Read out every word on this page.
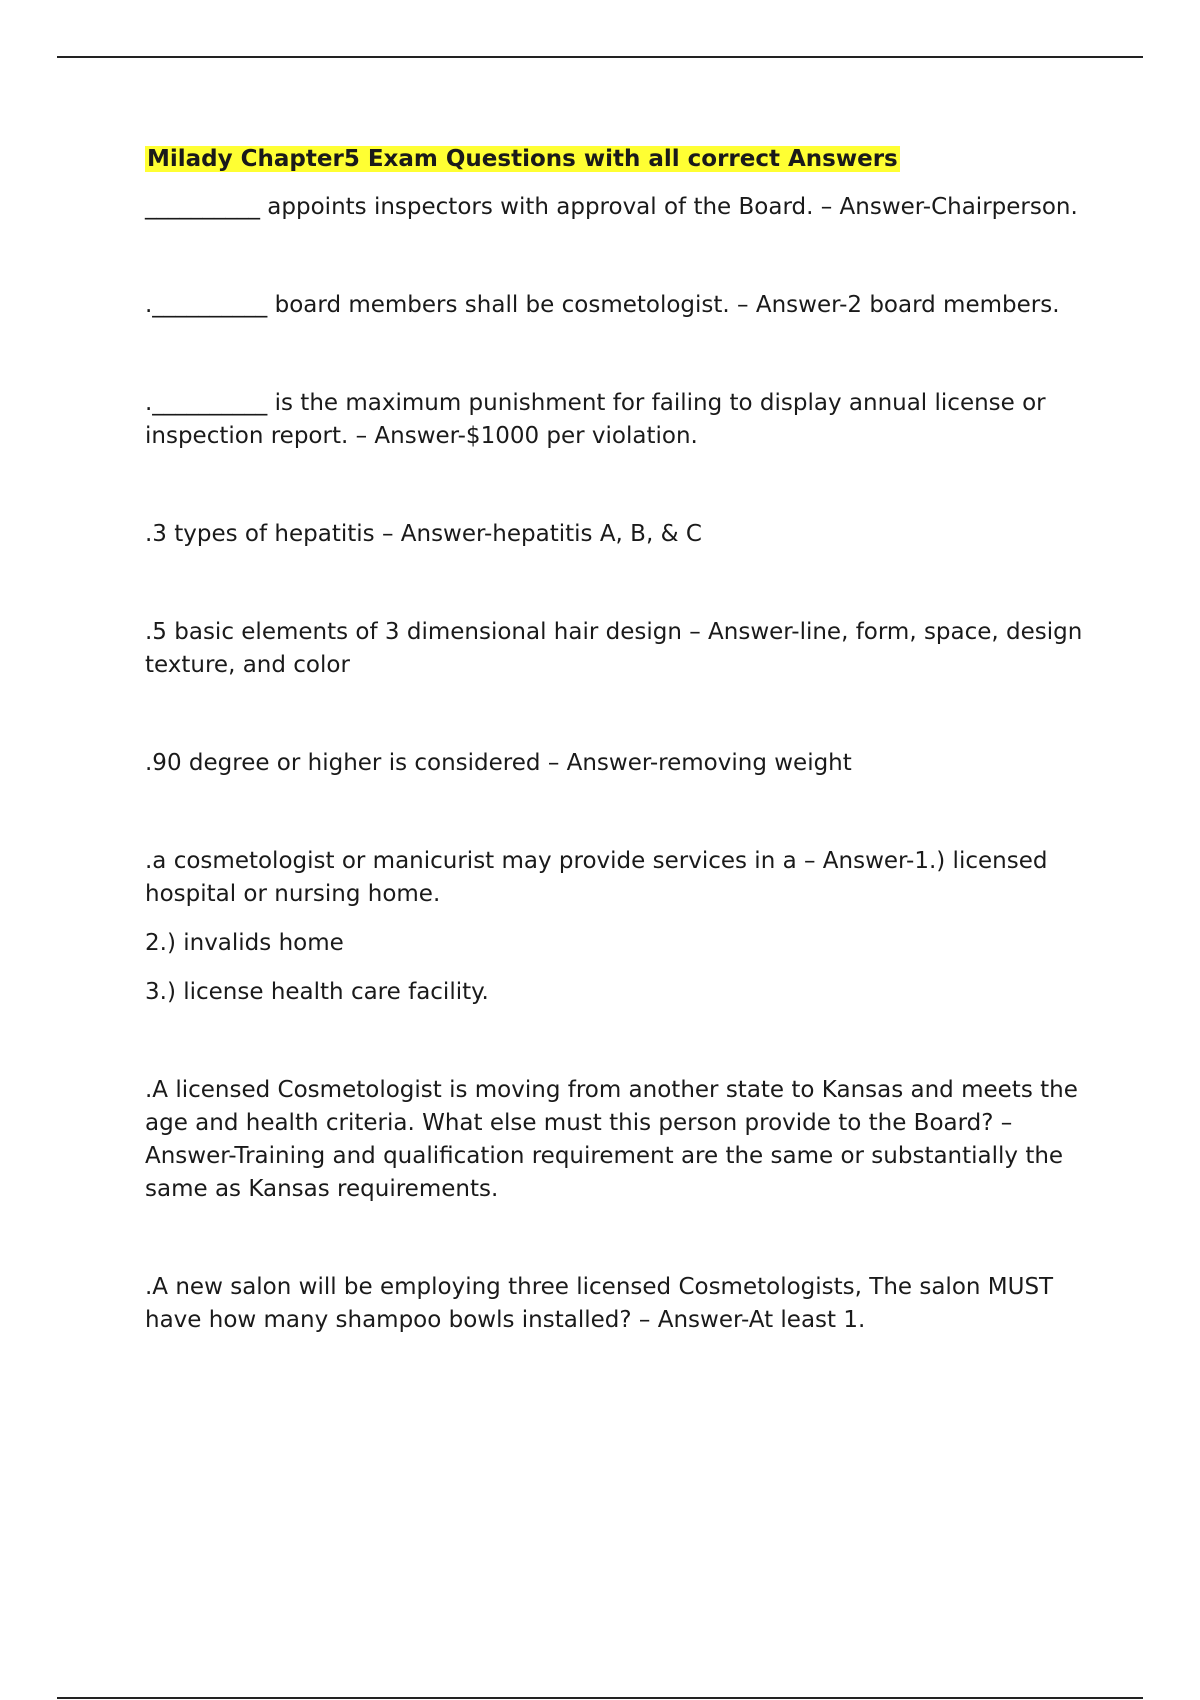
Milady Chapter5 Exam Questions with all correct Answers

__________ appoints inspectors with approval of the Board. – Answer-Chairperson.

.__________ board members shall be cosmetologist. – Answer-2 board members.

.__________ is the maximum punishment for failing to display annual license or inspection report. – Answer-$1000 per violation.

.3 types of hepatitis – Answer-hepatitis A, B, & C

.5 basic elements of 3 dimensional hair design – Answer-line, form, space, design texture, and color

.90 degree or higher is considered – Answer-removing weight

.a cosmetologist or manicurist may provide services in a – Answer-1.) licensed hospital or nursing home.

2.) invalids home

3.) license health care facility.

.A licensed Cosmetologist is moving from another state to Kansas and meets the age and health criteria. What else must this person provide to the Board? – Answer-Training and qualification requirement are the same or substantially the same as Kansas requirements.

.A new salon will be employing three licensed Cosmetologists, The salon MUST have how many shampoo bowls installed? – Answer-At least 1.
